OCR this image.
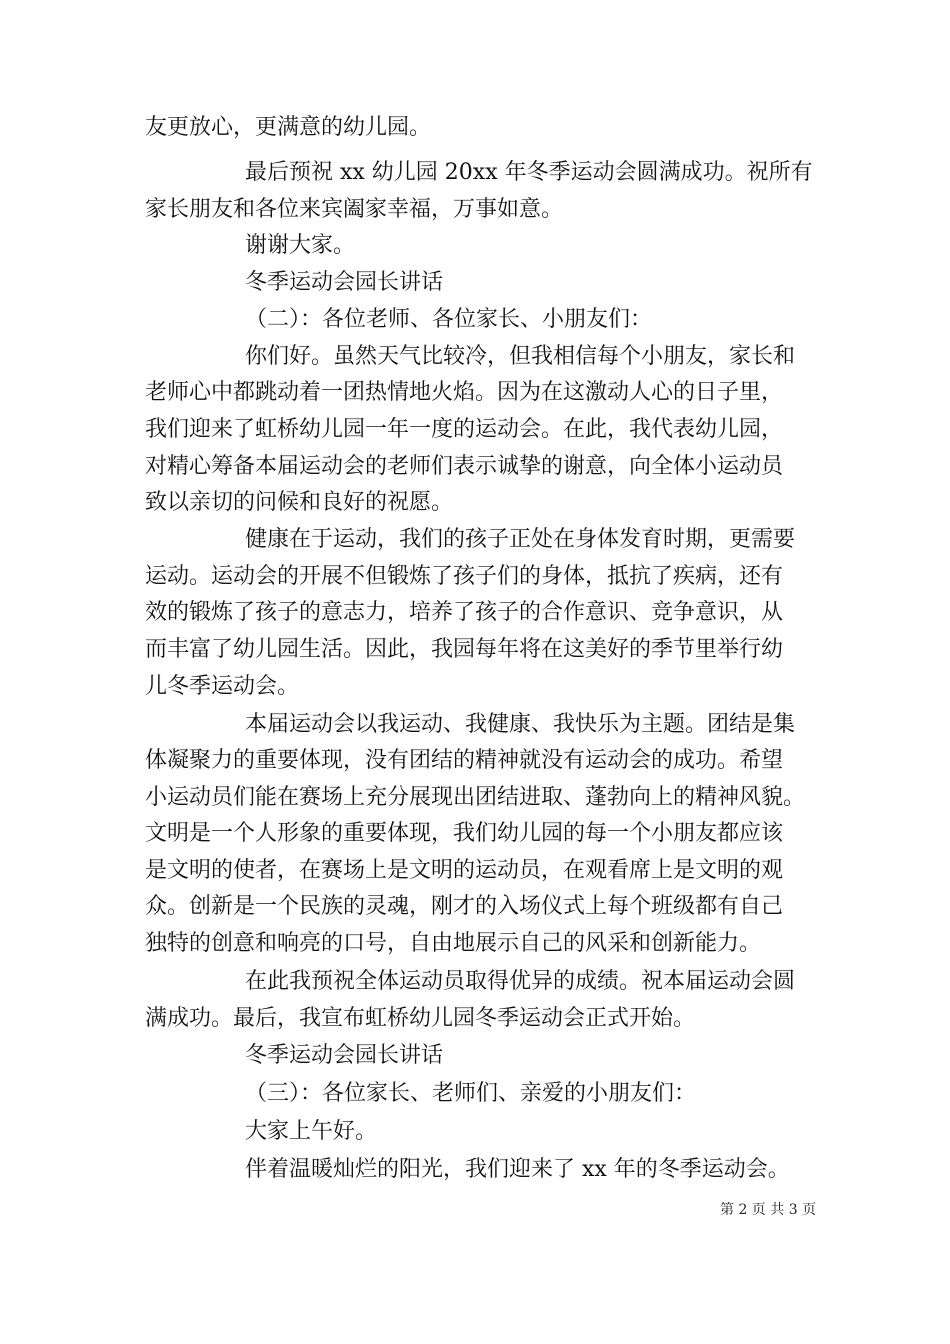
友更放心，更满意的幼儿园。
最后预祝 xx 幼儿园 20xx 年冬季运动会圆满成功。祝所有
家长朋友和各位来宾阖家幸福，万事如意。
谢谢大家。
冬季运动会园长讲话
（二）：各位老师、各位家长、小朋友们：
你们好。虽然天气比较冷，但我相信每个小朋友，家长和
老师心中都跳动着一团热情地火焰。因为在这激动人心的日子里，
我们迎来了虹桥幼儿园一年一度的运动会。在此，我代表幼儿园，
对精心筹备本届运动会的老师们表示诚挚的谢意，向全体小运动员
致以亲切的问候和良好的祝愿。
健康在于运动，我们的孩子正处在身体发育时期，更需要
运动。运动会的开展不但锻炼了孩子们的身体，抵抗了疾病，还有
效的锻炼了孩子的意志力，培养了孩子的合作意识、竞争意识，从
而丰富了幼儿园生活。因此，我园每年将在这美好的季节里举行幼
儿冬季运动会。
本届运动会以我运动、我健康、我快乐为主题。团结是集
体凝聚力的重要体现，没有团结的精神就没有运动会的成功。希望
小运动员们能在赛场上充分展现出团结进取、蓬勃向上的精神风貌。
文明是一个人形象的重要体现，我们幼儿园的每一个小朋友都应该
是文明的使者，在赛场上是文明的运动员，在观看席上是文明的观
众。创新是一个民族的灵魂，刚才的入场仪式上每个班级都有自己
独特的创意和响亮的口号，自由地展示自己的风采和创新能力。
在此我预祝全体运动员取得优异的成绩。祝本届运动会圆
满成功。最后，我宣布虹桥幼儿园冬季运动会正式开始。
冬季运动会园长讲话
（三）：各位家长、老师们、亲爱的小朋友们：
大家上午好。
伴着温暖灿烂的阳光，我们迎来了 xx 年的冬季运动会。
第 2 页 共 3 页
